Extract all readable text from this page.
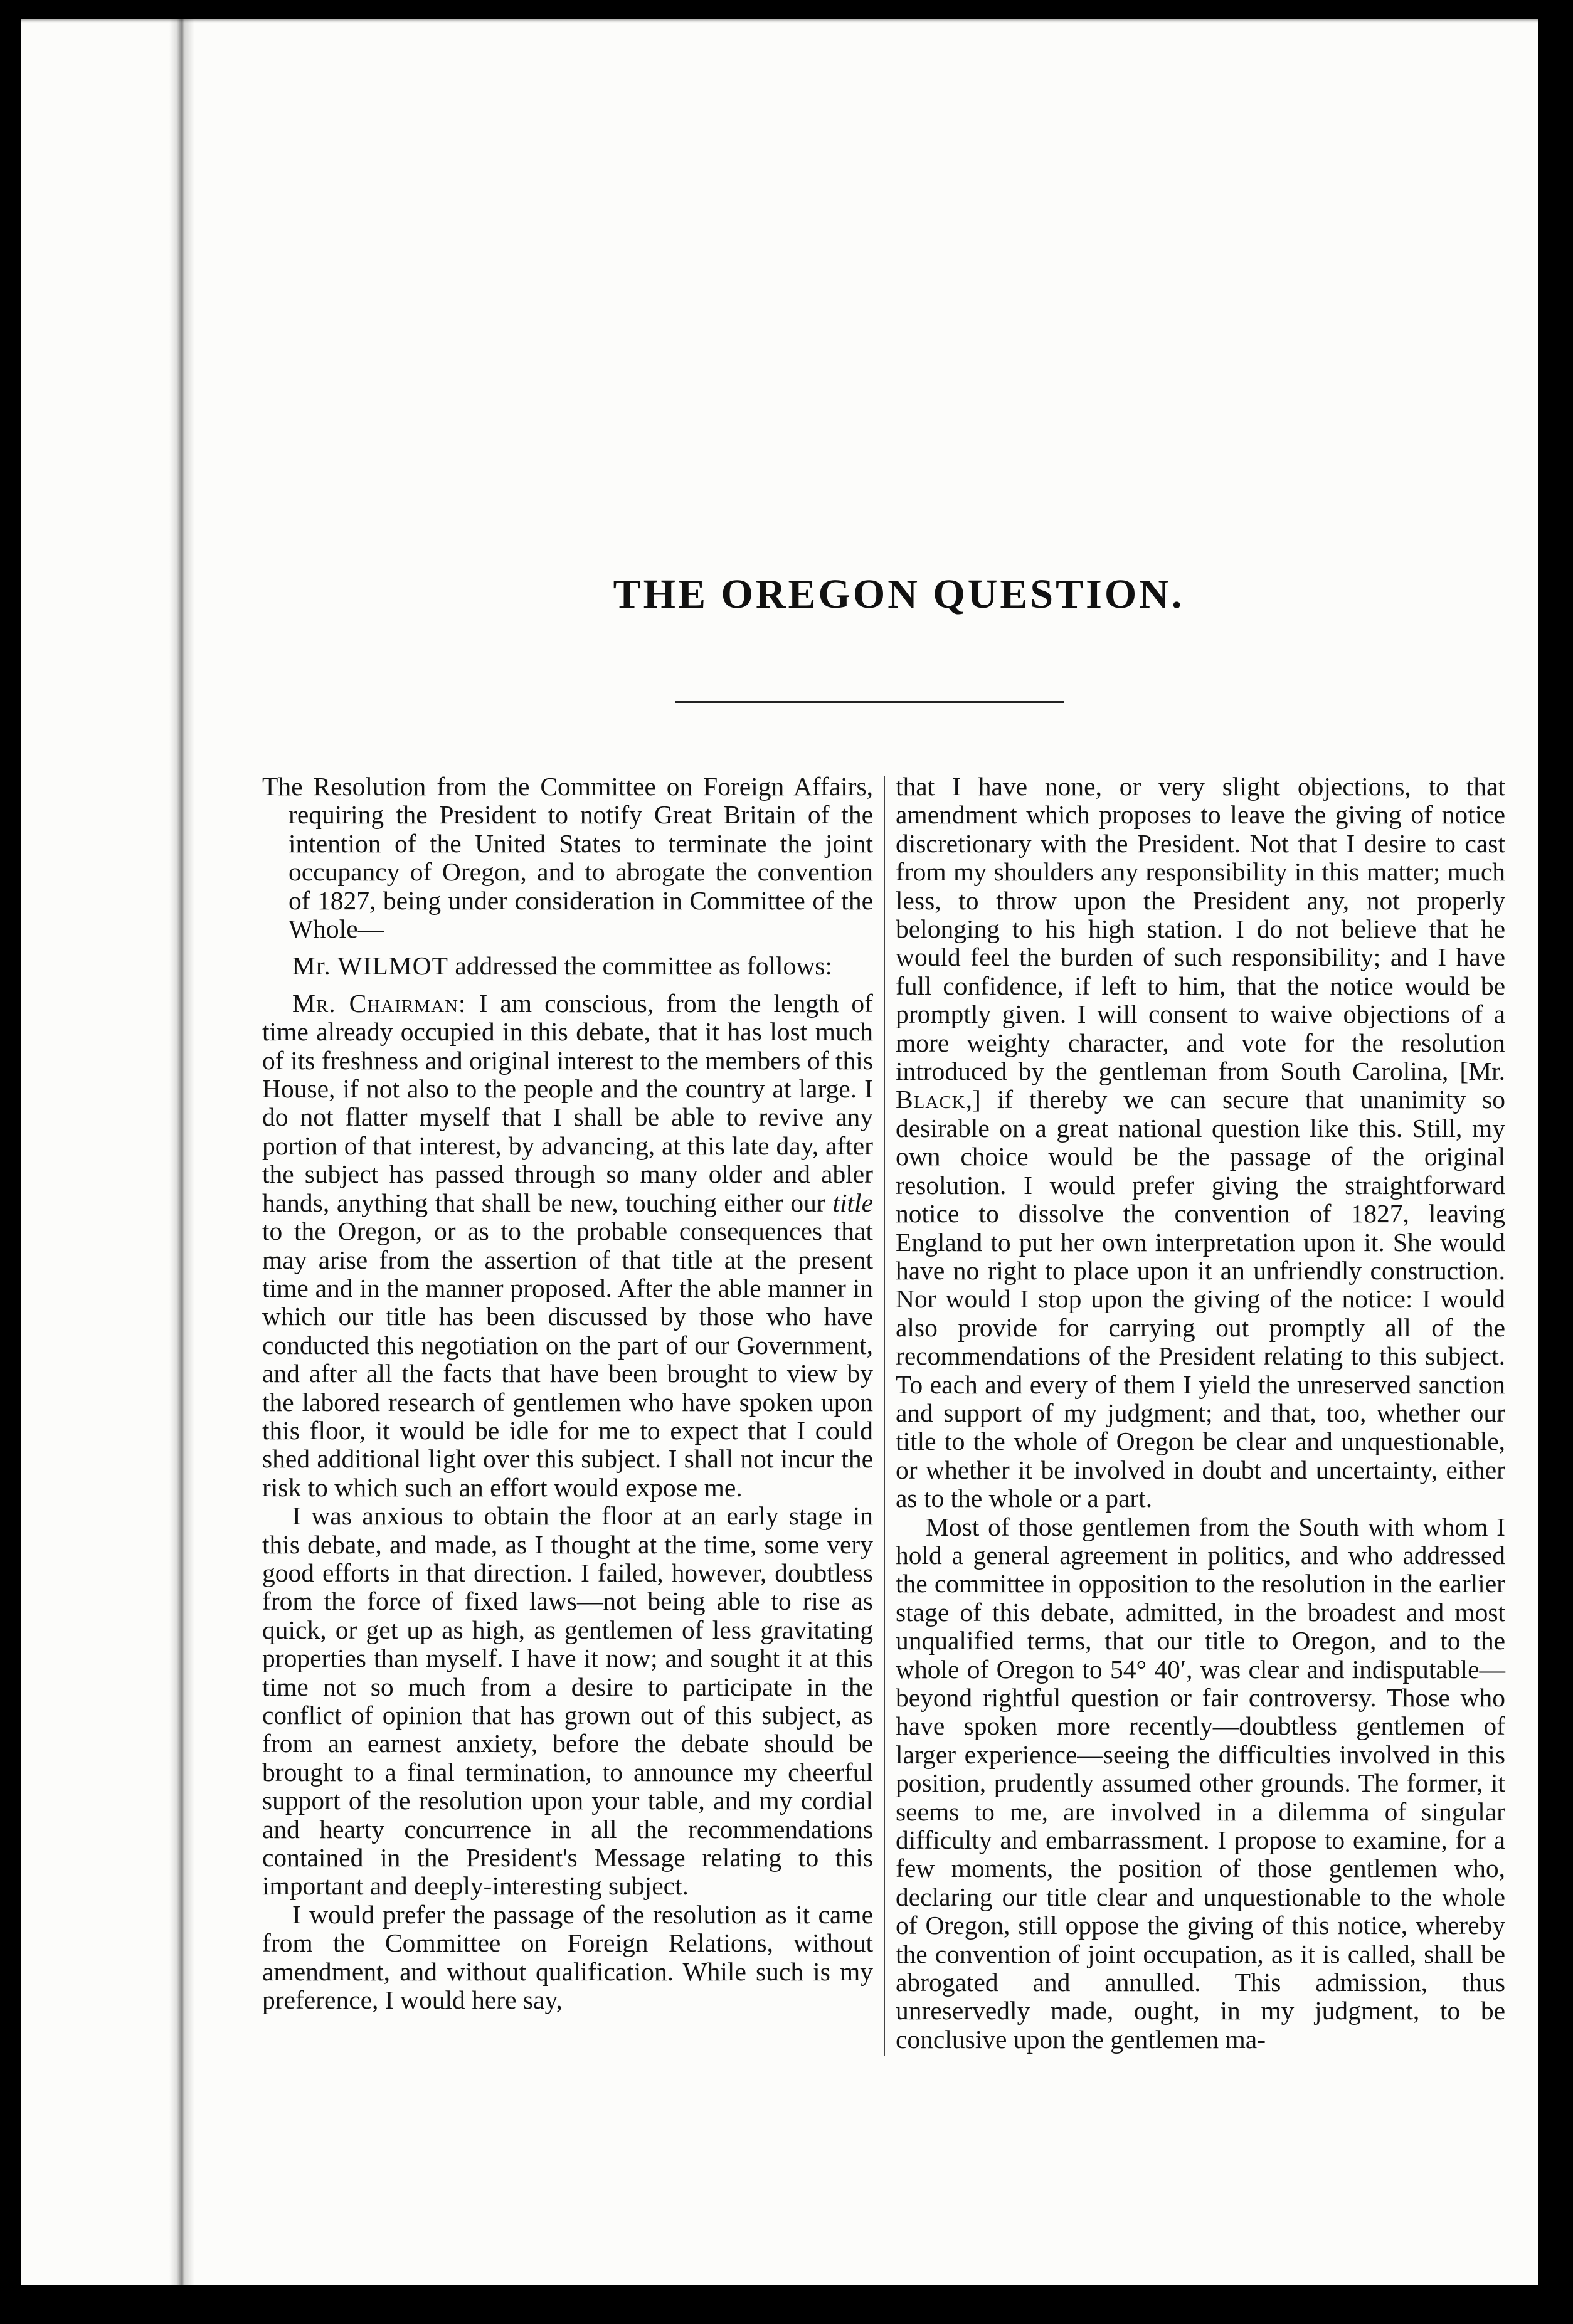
THE OREGON QUESTION.

The Resolution from the Committee on Foreign Affairs, requiring the President to notify Great Britain of the intention of the United States to terminate the joint occupancy of Oregon, and to abrogate the convention of 1827, being under consideration in Committee of the Whole—

Mr. WILMOT addressed the committee as follows:

Mr. Chairman: I am conscious, from the length of time already occupied in this debate, that it has lost much of its freshness and original interest to the members of this House, if not also to the people and the country at large. I do not flatter myself that I shall be able to revive any portion of that interest, by advancing, at this late day, after the subject has passed through so many older and abler hands, anything that shall be new, touching either our title to the Oregon, or as to the probable consequences that may arise from the assertion of that title at the present time and in the manner proposed. After the able manner in which our title has been discussed by those who have conducted this negotiation on the part of our Government, and after all the facts that have been brought to view by the labored research of gentlemen who have spoken upon this floor, it would be idle for me to expect that I could shed additional light over this subject. I shall not incur the risk to which such an effort would expose me.

I was anxious to obtain the floor at an early stage in this debate, and made, as I thought at the time, some very good efforts in that direction. I failed, however, doubtless from the force of fixed laws—not being able to rise as quick, or get up as high, as gentlemen of less gravitating properties than myself. I have it now; and sought it at this time not so much from a desire to participate in the conflict of opinion that has grown out of this subject, as from an earnest anxiety, before the debate should be brought to a final termination, to announce my cheerful support of the resolution upon your table, and my cordial and hearty concurrence in all the recommendations contained in the President's Message relating to this important and deeply-interesting subject.

I would prefer the passage of the resolution as it came from the Committee on Foreign Relations, without amendment, and without qualification. While such is my preference, I would here say,

that I have none, or very slight objections, to that amendment which proposes to leave the giving of notice discretionary with the President. Not that I desire to cast from my shoulders any responsibility in this matter; much less, to throw upon the President any, not properly belonging to his high station. I do not believe that he would feel the burden of such responsibility; and I have full confidence, if left to him, that the notice would be promptly given. I will consent to waive objections of a more weighty character, and vote for the resolution introduced by the gentleman from South Carolina, [Mr. Black,] if thereby we can secure that unanimity so desirable on a great national question like this. Still, my own choice would be the passage of the original resolution. I would prefer giving the straightforward notice to dissolve the convention of 1827, leaving England to put her own interpretation upon it. She would have no right to place upon it an unfriendly construction. Nor would I stop upon the giving of the notice: I would also provide for carrying out promptly all of the recommendations of the President relating to this subject. To each and every of them I yield the unreserved sanction and support of my judgment; and that, too, whether our title to the whole of Oregon be clear and unquestionable, or whether it be involved in doubt and uncertainty, either as to the whole or a part.

Most of those gentlemen from the South with whom I hold a general agreement in politics, and who addressed the committee in opposition to the resolution in the earlier stage of this debate, admitted, in the broadest and most unqualified terms, that our title to Oregon, and to the whole of Oregon to 54° 40′, was clear and indisputable—beyond rightful question or fair controversy. Those who have spoken more recently—doubtless gentlemen of larger experience—seeing the difficulties involved in this position, prudently assumed other grounds. The former, it seems to me, are involved in a dilemma of singular difficulty and embarrassment. I propose to examine, for a few moments, the position of those gentlemen who, declaring our title clear and unquestionable to the whole of Oregon, still oppose the giving of this notice, whereby the convention of joint occupation, as it is called, shall be abrogated and annulled. This admission, thus unreservedly made, ought, in my judgment, to be conclusive upon the gentlemen ma-
